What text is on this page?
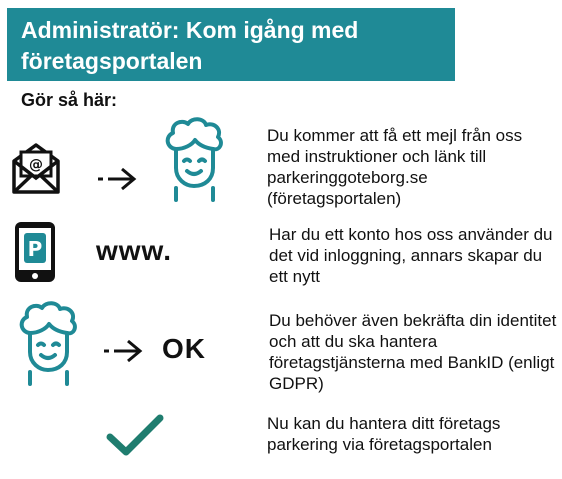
Administratör: Kom igång med företagsportalen
Gör så här:
@
Du kommer att få ett mejl från oss med instruktioner och länk till parkeringgoteborg.se (företagsportalen)
P www.
Har du ett konto hos oss använder du det vid inloggning, annars skapar du ett nytt
OK
Du behöver även bekräfta din identitet och att du ska hantera företagstjänsterna med BankID (enligt GDPR)
Nu kan du hantera ditt företags parkering via företagsportalen
